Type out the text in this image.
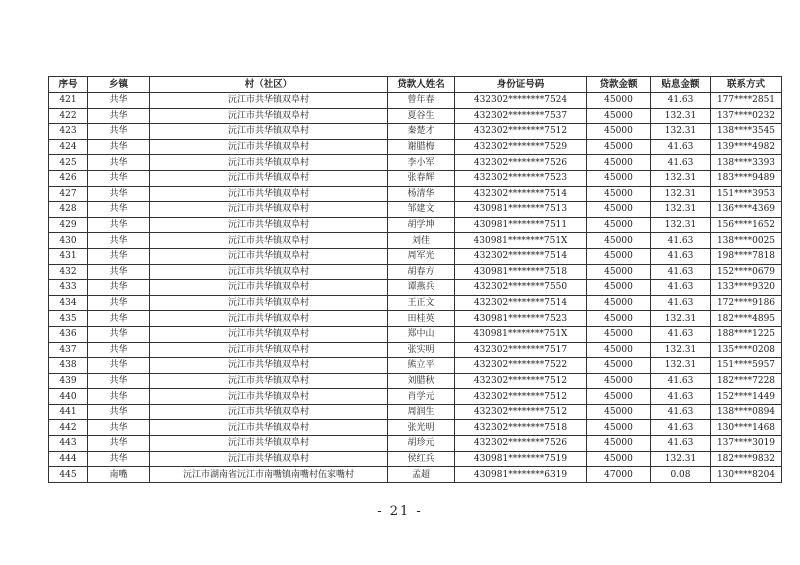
序号	乡镇	村（社区）	贷款人姓名	身份证号码	贷款金额	贴息金额	联系方式
421	共华	沅江市共华镇双阜村	曾年春	432302********7524	45000	41.63	177****2851
422	共华	沅江市共华镇双阜村	夏谷生	432302********7537	45000	132.31	137****0232
423	共华	沅江市共华镇双阜村	秦楚才	432302********7512	45000	132.31	138****3545
424	共华	沅江市共华镇双阜村	谢腊梅	432302********7529	45000	41.63	139****4982
425	共华	沅江市共华镇双阜村	李小军	432302********7526	45000	41.63	138****3393
426	共华	沅江市共华镇双阜村	张春辉	432302********7523	45000	132.31	183****9489
427	共华	沅江市共华镇双阜村	杨清华	432302********7514	45000	132.31	151****3953
428	共华	沅江市共华镇双阜村	邹建文	430981********7513	45000	132.31	136****4369
429	共华	沅江市共华镇双阜村	胡学坤	430981********7511	45000	132.31	156****1652
430	共华	沅江市共华镇双阜村	刘佳	430981********751X	45000	41.63	138****0025
431	共华	沅江市共华镇双阜村	周军光	432302********7514	45000	41.63	198****7818
432	共华	沅江市共华镇双阜村	胡春方	430981********7518	45000	41.63	152****0679
433	共华	沅江市共华镇双阜村	谭燕兵	432302********7550	45000	41.63	133****9320
434	共华	沅江市共华镇双阜村	王正文	432302********7514	45000	41.63	172****9186
435	共华	沅江市共华镇双阜村	田桂英	430981********7523	45000	132.31	182****4895
436	共华	沅江市共华镇双阜村	郑中山	430981********751X	45000	41.63	188****1225
437	共华	沅江市共华镇双阜村	张实明	432302********7517	45000	132.31	135****0208
438	共华	沅江市共华镇双阜村	熊立平	432302********7522	45000	132.31	151****5957
439	共华	沅江市共华镇双阜村	刘腊秋	432302********7512	45000	41.63	182****7228
440	共华	沅江市共华镇双阜村	肖学元	432302********7512	45000	41.63	152****1449
441	共华	沅江市共华镇双阜村	周润生	432302********7512	45000	41.63	138****0894
442	共华	沅江市共华镇双阜村	张光明	432302********7518	45000	41.63	130****1468
443	共华	沅江市共华镇双阜村	胡珍元	432302********7526	45000	41.63	137****3019
444	共华	沅江市共华镇双阜村	侯红兵	430981********7519	45000	132.31	182****9832
445	南嘴	沅江市湖南省沅江市南嘴镇南嘴村伍家嘴村	孟超	430981********6319	47000	0.08	130****8204
- 21 -
